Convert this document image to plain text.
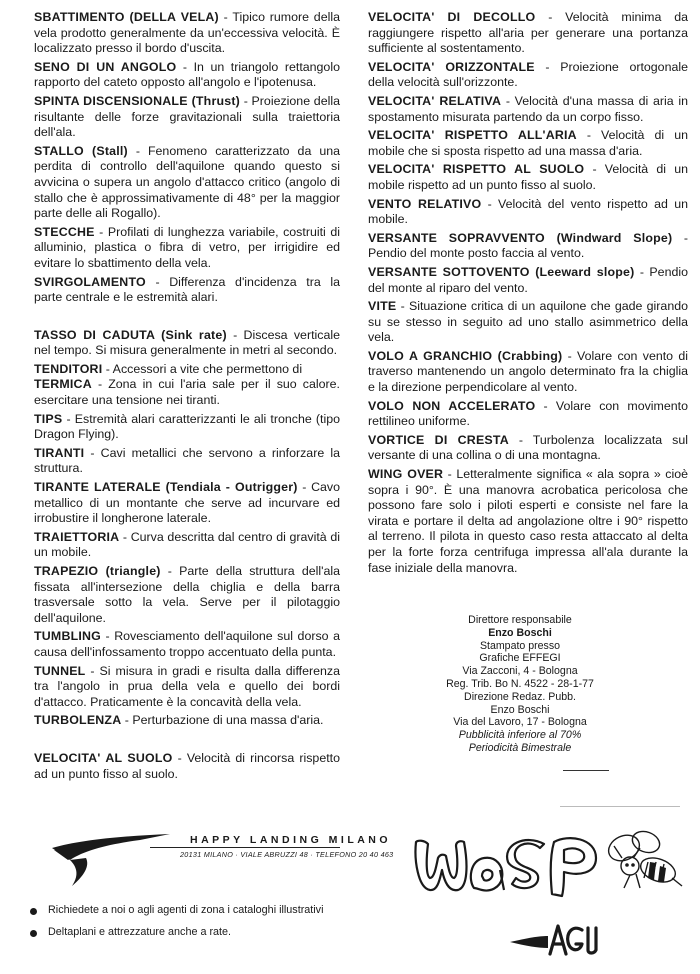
SBATTIMENTO (DELLA VELA) - Tipico rumore della vela prodotto generalmente da un'eccessiva velocità. È localizzato presso il bordo d'uscita.

SENO DI UN ANGOLO - In un triangolo rettangolo rapporto del cateto opposto all'angolo e l'ipotenusa.

SPINTA DISCENSIONALE (Thrust) - Proiezione della risultante delle forze gravitazionali sulla traiettoria dell'ala.

STALLO (Stall) - Fenomeno caratterizzato da una perdita di controllo dell'aquilone quando questo si avvicina o supera un angolo d'attacco critico (angolo di stallo che è approssimativamente di 48° per la maggior parte delle ali Rogallo).

STECCHE - Profilati di lunghezza variabile, costruiti di alluminio, plastica o fibra di vetro, per irrigidire ed evitare lo sbattimento della vela.

SVIRGOLAMENTO - Differenza d'incidenza tra la parte centrale e le estremità alari.

TASSO DI CADUTA (Sink rate) - Discesa verticale nel tempo. Si misura generalmente in metri al secondo.

TENDITORI - Accessori a vite che permettono di

TERMICA - Zona in cui l'aria sale per il suo calore. esercitare una tensione nei tiranti.

TIPS - Estremità alari caratterizzanti le ali tronche (tipo Dragon Flying).

TIRANTI - Cavi metallici che servono a rinforzare la struttura.

TIRANTE LATERALE (Tendiala - Outrigger) - Cavo metallico di un montante che serve ad incurvare ed irrobustire il longherone laterale.

TRAIETTORIA - Curva descritta dal centro di gravità di un mobile.

TRAPEZIO (triangle) - Parte della struttura dell'ala fissata all'intersezione della chiglia e della barra trasversale sotto la vela. Serve per il pilotaggio dell'aquilone.

TUMBLING - Rovesciamento dell'aquilone sul dorso a causa dell'infossamento troppo accentuato della punta.

TUNNEL - Si misura in gradi e risulta dalla differenza tra l'angolo in prua della vela e quello dei bordi d'attacco. Praticamente è la concavità della vela.

TURBOLENZA - Perturbazione di una massa d'aria.

VELOCITA' AL SUOLO - Velocità di rincorsa rispetto ad un punto fisso al suolo.

VELOCITA' DI DECOLLO - Velocità minima da raggiungere rispetto all'aria per generare una portanza sufficiente al sostentamento.

VELOCITA' ORIZZONTALE - Proiezione ortogonale della velocità sull'orizzonte.

VELOCITA' RELATIVA - Velocità d'una massa di aria in spostamento misurata partendo da un corpo fisso.

VELOCITA' RISPETTO ALL'ARIA - Velocità di un mobile che si sposta rispetto ad una massa d'aria.

VELOCITA' RISPETTO AL SUOLO - Velocità di un mobile rispetto ad un punto fisso al suolo.

VENTO RELATIVO - Velocità del vento rispetto ad un mobile.

VERSANTE SOPRAVVENTO (Windward Slope) - Pendio del monte posto faccia al vento.

VERSANTE SOTTOVENTO (Leeward slope) - Pendio del monte al riparo del vento.

VITE - Situazione critica di un aquilone che gade girando su se stesso in seguito ad uno stallo asimmetrico della vela.

VOLO A GRANCHIO (Crabbing) - Volare con vento di traverso mantenendo un angolo determinato fra la chiglia e la direzione perpendicolare al vento.

VOLO NON ACCELERATO - Volare con movimento rettilineo uniforme.

VORTICE DI CRESTA - Turbolenza localizzata sul versante di una collina o di una montagna.

WING OVER - Letteralmente significa « ala sopra » cioè sopra i 90°. È una manovra acrobatica pericolosa che possono fare solo i piloti esperti e consiste nel fare la virata e portare il delta ad angolazione oltre i 90° rispetto al terreno. Il pilota in questo caso resta attaccato al delta per la forte forza centrifuga impressa all'ala durante la fase iniziale della manovra.

Direttore responsabile
Enzo Boschi
Stampato presso
Grafiche EFFEGI
Via Zacconi, 4 - Bologna
Reg. Trib. Bo N. 4522 - 28-1-77
Direzione Redaz. Pubb.
Enzo Boschi
Via del Lavoro, 17 - Bologna
Pubblicità inferiore al 70%
Periodicità Bimestrale
HAPPY LANDING MILANO
20131 MILANO · VIALE ABRUZZI 48 · TELEFONO 20 40 463
Richiedete a noi o agli agenti di zona i cataloghi illustrativi
Deltaplani e attrezzature anche a rate.
